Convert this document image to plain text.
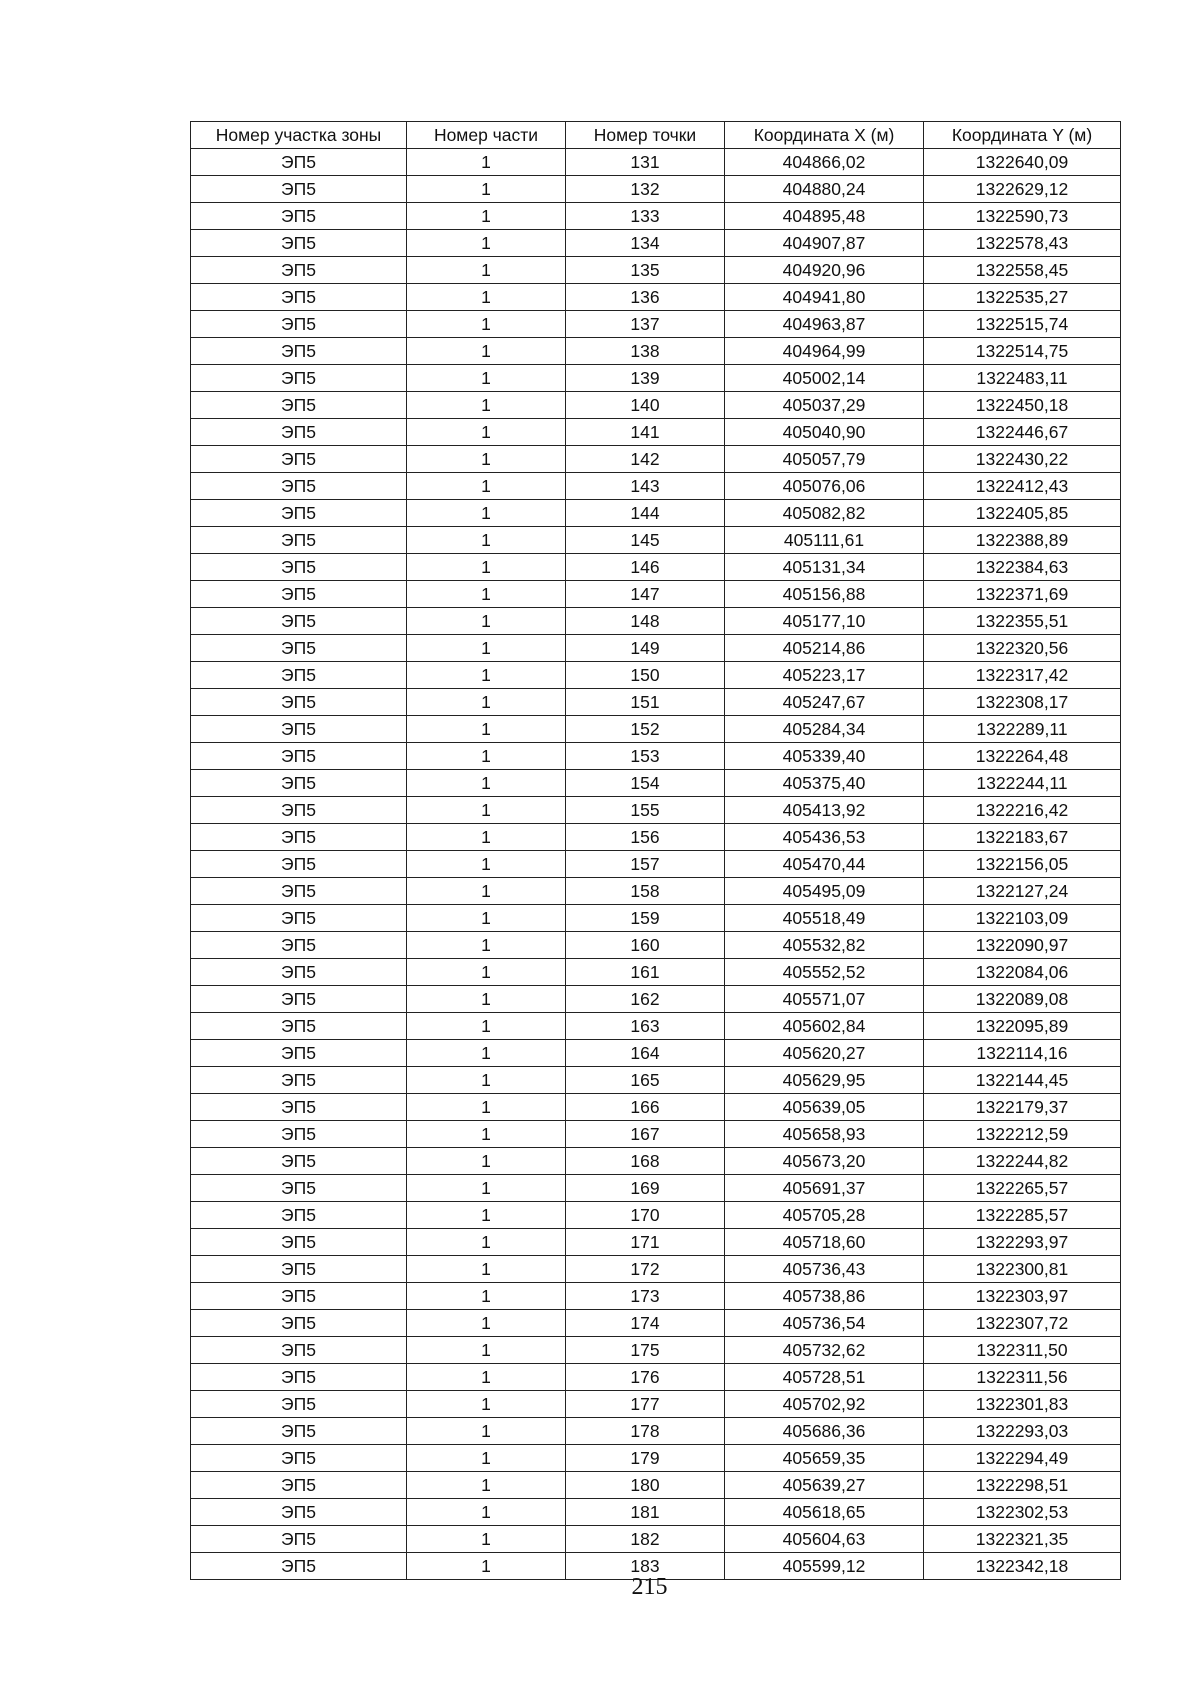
Номер участка зоны	Номер части	Номер точки	Координата X (м)	Координата Y (м)
ЭП5	1	131	404866,02	1322640,09
ЭП5	1	132	404880,24	1322629,12
ЭП5	1	133	404895,48	1322590,73
ЭП5	1	134	404907,87	1322578,43
ЭП5	1	135	404920,96	1322558,45
ЭП5	1	136	404941,80	1322535,27
ЭП5	1	137	404963,87	1322515,74
ЭП5	1	138	404964,99	1322514,75
ЭП5	1	139	405002,14	1322483,11
ЭП5	1	140	405037,29	1322450,18
ЭП5	1	141	405040,90	1322446,67
ЭП5	1	142	405057,79	1322430,22
ЭП5	1	143	405076,06	1322412,43
ЭП5	1	144	405082,82	1322405,85
ЭП5	1	145	405111,61	1322388,89
ЭП5	1	146	405131,34	1322384,63
ЭП5	1	147	405156,88	1322371,69
ЭП5	1	148	405177,10	1322355,51
ЭП5	1	149	405214,86	1322320,56
ЭП5	1	150	405223,17	1322317,42
ЭП5	1	151	405247,67	1322308,17
ЭП5	1	152	405284,34	1322289,11
ЭП5	1	153	405339,40	1322264,48
ЭП5	1	154	405375,40	1322244,11
ЭП5	1	155	405413,92	1322216,42
ЭП5	1	156	405436,53	1322183,67
ЭП5	1	157	405470,44	1322156,05
ЭП5	1	158	405495,09	1322127,24
ЭП5	1	159	405518,49	1322103,09
ЭП5	1	160	405532,82	1322090,97
ЭП5	1	161	405552,52	1322084,06
ЭП5	1	162	405571,07	1322089,08
ЭП5	1	163	405602,84	1322095,89
ЭП5	1	164	405620,27	1322114,16
ЭП5	1	165	405629,95	1322144,45
ЭП5	1	166	405639,05	1322179,37
ЭП5	1	167	405658,93	1322212,59
ЭП5	1	168	405673,20	1322244,82
ЭП5	1	169	405691,37	1322265,57
ЭП5	1	170	405705,28	1322285,57
ЭП5	1	171	405718,60	1322293,97
ЭП5	1	172	405736,43	1322300,81
ЭП5	1	173	405738,86	1322303,97
ЭП5	1	174	405736,54	1322307,72
ЭП5	1	175	405732,62	1322311,50
ЭП5	1	176	405728,51	1322311,56
ЭП5	1	177	405702,92	1322301,83
ЭП5	1	178	405686,36	1322293,03
ЭП5	1	179	405659,35	1322294,49
ЭП5	1	180	405639,27	1322298,51
ЭП5	1	181	405618,65	1322302,53
ЭП5	1	182	405604,63	1322321,35
ЭП5	1	183	405599,12	1322342,18
215
